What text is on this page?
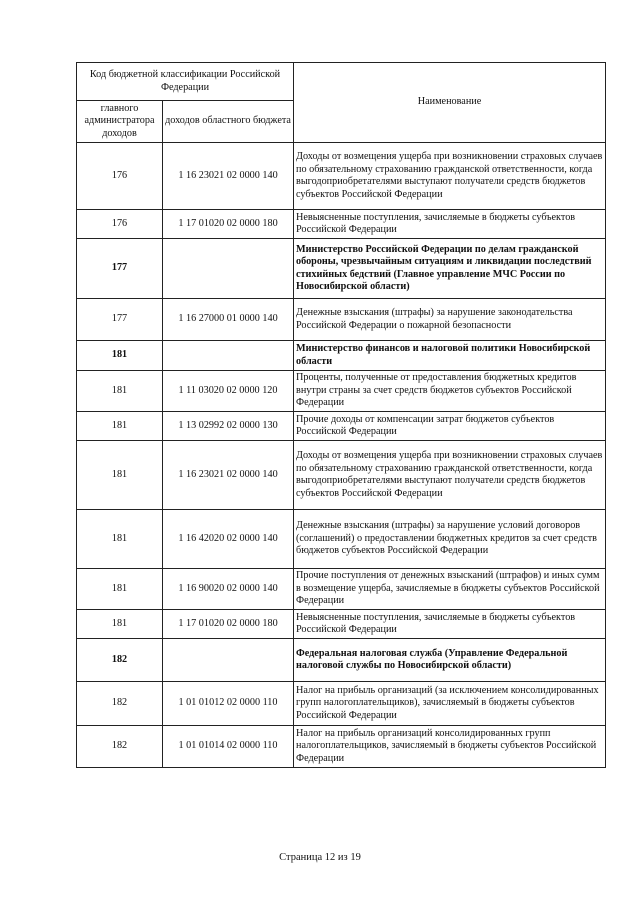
Код бюджетной классификации Российской Федерации		Наименование
главного администратора доходов	доходов областного бюджета	
176	1 16 23021 02 0000 140	Доходы от возмещения ущерба при возникновении страховых случаев по обязательному страхованию гражданской ответственности, когда выгодоприобретателями выступают получатели средств бюджетов субъектов Российской Федерации
176	1 17 01020 02 0000 180	Невыясненные поступления, зачисляемые в бюджеты субъектов Российской Федерации
177		Министерство Российской Федерации по делам гражданской обороны, чрезвычайным ситуациям и ликвидации последствий стихийных бедствий (Главное управление МЧС России по Новосибирской области)
177	1 16 27000 01 0000 140	Денежные взыскания (штрафы) за нарушение законодательства Российской Федерации о пожарной безопасности
181		Министерство финансов и налоговой политики Новосибирской области
181	1 11 03020 02 0000 120	Проценты, полученные от предоставления бюджетных кредитов внутри страны за счет средств бюджетов субъектов Российской Федерации
181	1 13 02992 02 0000 130	Прочие доходы от компенсации затрат бюджетов субъектов Российской Федерации
181	1 16 23021 02 0000 140	Доходы от возмещения ущерба при возникновении страховых случаев по обязательному страхованию гражданской ответственности, когда выгодоприобретателями выступают получатели средств бюджетов субъектов Российской Федерации
181	1 16 42020 02 0000 140	Денежные взыскания (штрафы) за нарушение условий договоров (соглашений) о предоставлении бюджетных кредитов за счет средств бюджетов субъектов Российской Федерации
181	1 16 90020 02 0000 140	Прочие поступления от денежных взысканий (штрафов) и иных сумм в возмещение ущерба, зачисляемые в бюджеты субъектов Российской Федерации
181	1 17 01020 02 0000 180	Невыясненные поступления, зачисляемые в бюджеты субъектов Российской Федерации
182		Федеральная налоговая служба (Управление Федеральной налоговой службы по Новосибирской области)
182	1 01 01012 02 0000 110	Налог на прибыль организаций (за исключением консолидированных групп налогоплательщиков), зачисляемый в бюджеты субъектов Российской Федерации
182	1 01 01014 02 0000 110	Налог на прибыль организаций консолидированных групп налогоплательщиков, зачисляемый в бюджеты субъектов Российской Федерации
Страница 12 из 19
